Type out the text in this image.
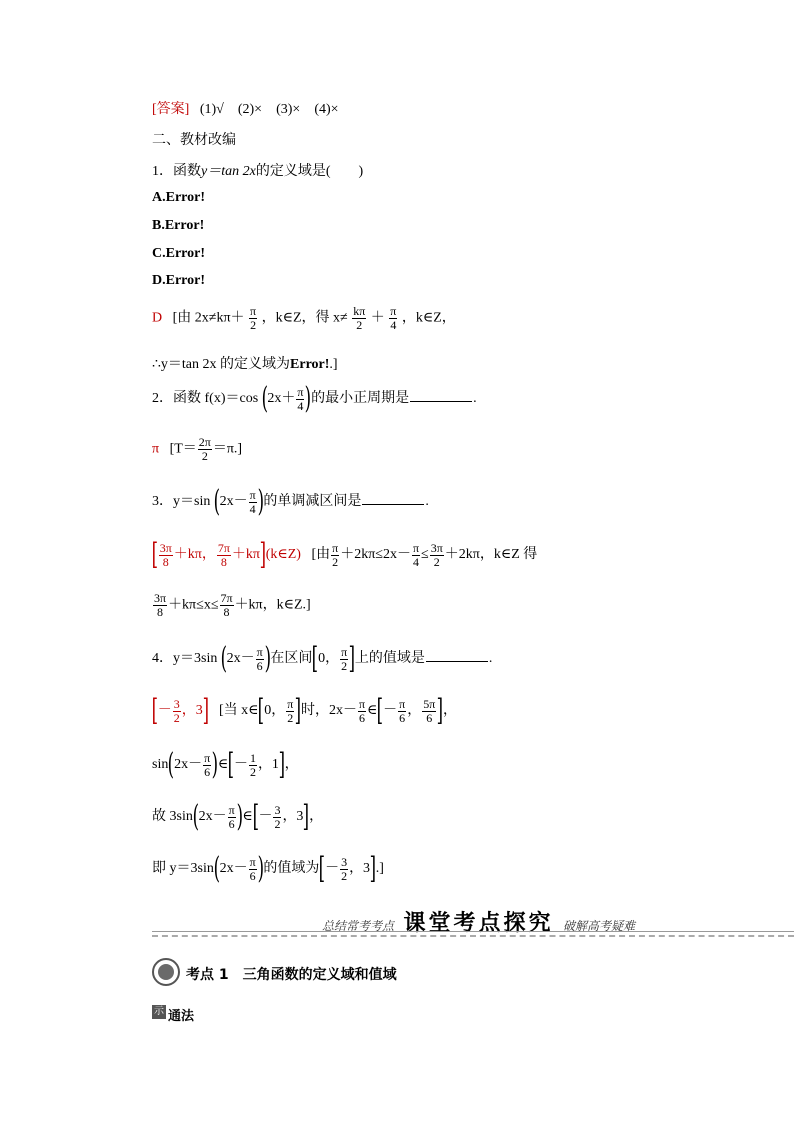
[答案] (1)√ (2)× (3)× (4)×
二、教材改编
1．函数y＝tan 2x的定义域是(　　)
A.Error!
B.Error!
C.Error!
D.Error!
D [由 $2x\ne k\pi+ \frac{\pi}{2}$ ，k∈Z，得 $x\ne \frac{k\pi}{2} + \frac{\pi}{4}$ ，k∈Z，
∴y＝tan 2x 的定义域为Error!.]
2．函数 f(x)＝cos ($2x+ \frac{\pi}{4}$ )的最小正周期是	.
π $[T= \frac{2\pi}{2} =\pi.]$
3．y＝sin ($2x- \frac{\pi}{4}$ )的单调减区间是	.
[ $\frac{3\pi}{8} +k\pi$， $\frac{7\pi}{8}$ ＋kπ](k∈Z) [由 $\frac{\pi}{2} +2k\pi\le 2x- \frac{\pi}{4} \le \frac{3\pi}{2} +2k\pi$，k∈Z 得
$\frac{3\pi}{8} +k\pi\le x\le \frac{7\pi}{8} +k\pi$，k∈Z.]
4．y＝3sin ($2x- \frac{\pi}{6}$ )在区间[0， $\frac{\pi}{2}$ ]上的值域是	.
[－ $\frac{3}{2}$ ，3] [当 x∈[0， $\frac{\pi}{2}$ ]时，$2x- \frac{\pi}{6}$ ∈[－ $\frac{\pi}{6}$ ， $\frac{5\pi}{6}$ ]，
$\sin(2x- \frac{\pi}{6}$ )∈[－ $\frac{1}{2}$ ，1]，
故 $3\sin(2x- \frac{\pi}{6}$ )∈[－ $\frac{3}{2}$ ，3]，
即 $y=3\sin(2x- \frac{\pi}{6}$ )的值域为[－ $\frac{3}{2}$ ，3].]
总结常考考点 课堂考点探究 破解高考疑难
考点 1　三角函数的定义域和值域
示 通法
